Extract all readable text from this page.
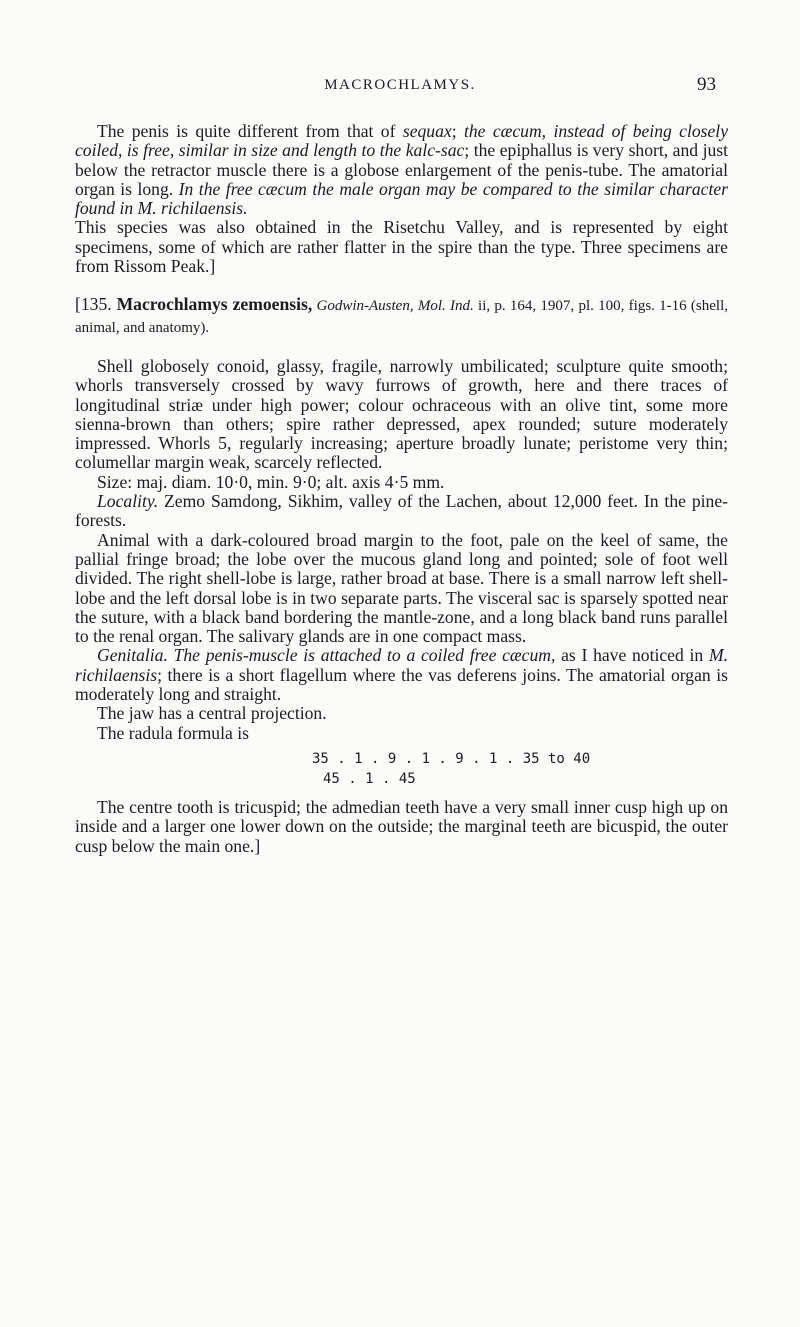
MACROCHLAMYS.	93

The penis is quite different from that of sequax; the cæcum, instead of being closely coiled, is free, similar in size and length to the kalc-sac; the epiphallus is very short, and just below the retractor muscle there is a globose enlargement of the penis-tube. The amatorial organ is long. In the free cæcum the male organ may be compared to the similar character found in M. richilaensis.

This species was also obtained in the Risetchu Valley, and is represented by eight specimens, some of which are rather flatter in the spire than the type. Three specimens are from Rissom Peak.]

[135. Macrochlamys zemoensis, Godwin-Austen, Mol. Ind. ii, p. 164, 1907, pl. 100, figs. 1-16 (shell, animal, and anatomy).

Shell globosely conoid, glassy, fragile, narrowly umbilicated; sculpture quite smooth; whorls transversely crossed by wavy furrows of growth, here and there traces of longitudinal striæ under high power; colour ochraceous with an olive tint, some more sienna-brown than others; spire rather depressed, apex rounded; suture moderately impressed. Whorls 5, regularly increasing; aperture broadly lunate; peristome very thin; columellar margin weak, scarcely reflected.

Size: maj. diam. 10·0, min. 9·0; alt. axis 4·5 mm.

Locality. Zemo Samdong, Sikhim, valley of the Lachen, about 12,000 feet. In the pine-forests.

Animal with a dark-coloured broad margin to the foot, pale on the keel of same, the pallial fringe broad; the lobe over the mucous gland long and pointed; sole of foot well divided. The right shell-lobe is large, rather broad at base. There is a small narrow left shell-lobe and the left dorsal lobe is in two separate parts. The visceral sac is sparsely spotted near the suture, with a black band bordering the mantle-zone, and a long black band runs parallel to the renal organ. The salivary glands are in one compact mass.

Genitalia. The penis-muscle is attached to a coiled free cæcum, as I have noticed in M. richilaensis; there is a short flagellum where the vas deferens joins. The amatorial organ is moderately long and straight.

The jaw has a central projection.

The radula formula is

35 . 1 . 9 . 1 . 9 . 1 . 35 to 40
45 . 1 . 45

The centre tooth is tricuspid; the admedian teeth have a very small inner cusp high up on inside and a larger one lower down on the outside; the marginal teeth are bicuspid, the outer cusp below the main one.]
